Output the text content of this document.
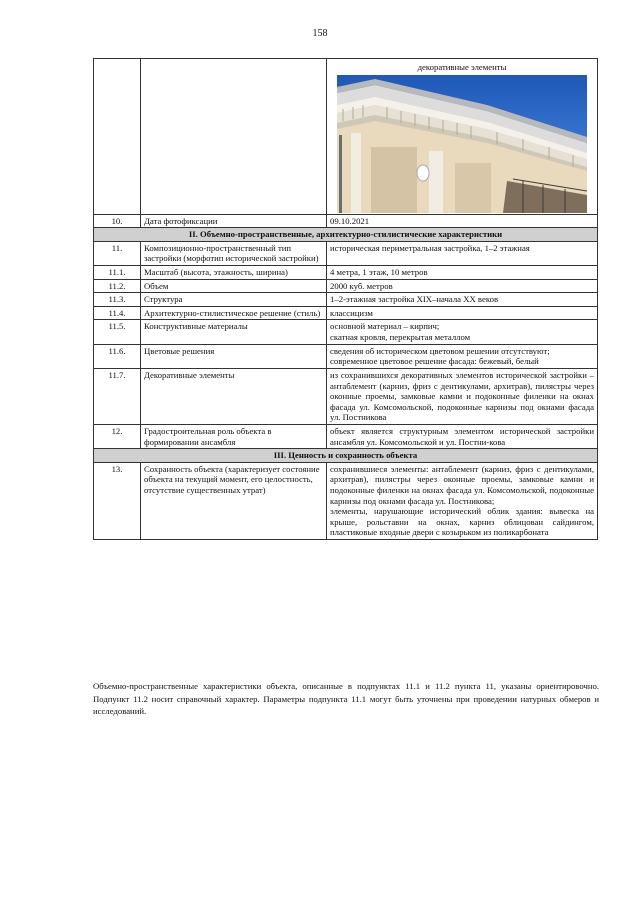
158

		декоративные элементы

10.	Дата фотофиксации	09.10.2021
II. Объемно-пространственные, архитектурно-стилистические характеристики		
11.	Композиционно-пространственный тип застройки (морфотип исторической застройки)	историческая периметральная застройка, 1–2 этажная
11.1.	Масштаб (высота, этажность, ширина)	4 метра, 1 этаж, 10 метров
11.2.	Объем	2000 куб. метров
11.3.	Структура	1–2-этажная застройка XIX–начала XX веков
11.4.	Архитектурно-стилистическое решение (стиль)	классицизм
11.5.	Конструктивные материалы	основной материал – кирпич;
скатная кровля, перекрытая металлом

11.6.	Цветовые решения	сведения об историческом цветовом решении отсутствуют;
современное цветовое решение фасада: бежевый, белый

11.7.	Декоративные элементы	из сохранившихся декоративных элементов исторической застройки – антаблемент (карниз, фриз с дентикулами, архитрав), пилястры через оконные проемы, замковые камни и подоконные филенки на окнах фасада ул. Комсомольской, подоконные карнизы под окнами фасада ул. Постникова
12.	Градостроительная роль объекта в формировании ансамбля	объект является структурным элементом исторической застройки ансамбля ул. Комсомольской и ул. Постни-кова
III. Ценность и сохранность объекта		
13.	Сохранность объекта (характеризует состояние объекта на текущий момент, его целостность, отсутствие существенных утрат)	сохранившиеся элементы: антаблемент (карниз, фриз с дентикулами, архитрав), пилястры через оконные проемы, замковые камни и подоконные филенки на окнах фасада ул. Комсомольской, подоконные карнизы под окнами фасада ул. Постникова;
элементы, нарушающие исторический облик здания: вывеска на крыше, рольставни на окнах, карниз облицован сайдингом, пластиковые входные двери с козырьком из поликарбоната
Объемно-пространственные характеристики объекта, описанные в подпунктах 11.1 и 11.2 пункта 11, указаны ориентировочно. Подпункт 11.2 носит справочный характер. Параметры подпункта 11.1 могут быть уточнены при проведении натурных обмеров и исследований.
